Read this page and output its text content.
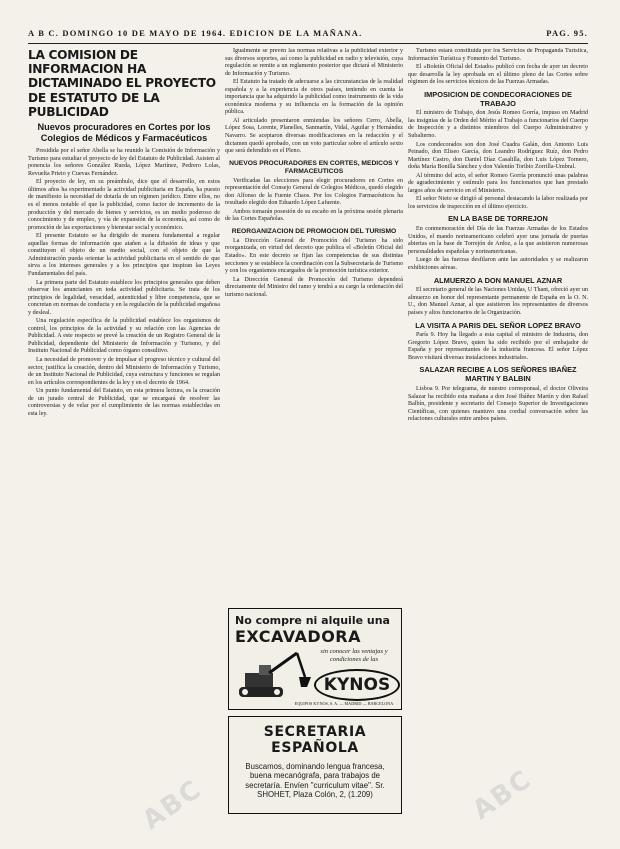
A B C. DOMINGO 10 DE MAYO DE 1964. EDICION DE LA MAÑANA.	PAG. 95.
LA COMISION DE INFORMACION HA DICTAMINADO EL PROYECTO DE ESTATUTO DE LA PUBLICIDAD
Nuevos procuradores en Cortes por los Colegios de Médicos y Farmacéuticos

Presidida por el señor Abella se ha reunido la Comisión de Información y Turismo para estudiar el proyecto de ley del Estatuto de Publicidad. Asisten al ponencia los señores González Rueda, López Martínez, Pedrero Lolas, Revuelta Prieto y Cuevas Fernández.

El proyecto de ley, en su preámbulo, dice que el desarrollo, en estos últimos años ha experimentado la actividad publicitaria en España, ha puesto de manifiesto la necesidad de dotarla de un régimen jurídico. Entre ellos, no es el menos notable el que la publicidad, como factor de incremento de la producción y del mercado de bienes y servicios, es un medio poderoso de conocimiento y de empleo, y vía de expansión de la economía, así como de promoción de las exportaciones y bienestar social y económico.

El presente Estatuto se ha dirigido de manera fundamental a regular aquellas formas de información que atañen a la difusión de ideas y que constituyen el objeto de un medio social, con el objeto de que la Administración pueda orientar la actividad publicitaria en el sentido de que sirva a los intereses generales y a los principios que inspiran las Leyes Fundamentales del país.

La primera parte del Estatuto establece los principios generales que deben observar los anunciantes en toda actividad publicitaria. Se trata de los principios de legalidad, veracidad, autenticidad y libre competencia, que se concretan en normas de conducta y en la regulación de la publicidad engañosa y desleal.

Una regulación específica de la publicidad establece los organismos de control, los principios de la actividad y su relación con las Agencias de Publicidad. A este respecto se prevé la creación de un Registro General de la Publicidad, dependiente del Ministerio de Información y Turismo, y del Instituto Nacional de Publicidad como órgano consultivo.

La necesidad de promover y de impulsar el progreso técnico y cultural del sector, justifica la creación, dentro del Ministerio de Información y Turismo, de un Instituto Nacional de Publicidad, cuya estructura y funciones se regulan en los artículos correspondientes de la ley y en el decreto de 1964.

Un punto fundamental del Estatuto, en esta primera lectura, es la creación de un jurado central de Publicidad, que se encargará de resolver las controversias y de velar por el cumplimiento de las normas establecidas en esta ley.

Igualmente se prevén las normas relativas a la publicidad exterior y sus diversos soportes, así como la publicidad en radio y televisión, cuya regulación se remite a un reglamento posterior que dictará el Ministerio de Información y Turismo.

El Estatuto ha tratado de adecuarse a las circunstancias de la realidad española y a la experiencia de otros países, teniendo en cuenta la importancia que ha adquirido la publicidad como instrumento de la vida económica moderna y su influencia en la formación de la opinión pública.

Al articulado presentaron enmiendas los señores Cerro, Abella, López Sosa, Lorente, Planelles, Sanmartín, Vidal, Aguilar y Hernández Navarro. Se aceptaron diversas modificaciones en la redacción y el dictamen quedó aprobado, con un voto particular sobre el artículo sexto que será defendido en el Pleno.

NUEVOS PROCURADORES EN CORTES, MEDICOS Y FARMACEUTICOS

Verificadas las elecciones para elegir procuradores en Cortes en representación del Consejo General de Colegios Médicos, quedó elegido don Alfonso de la Fuente Chaos. Por los Colegios Farmacéuticos ha resultado elegido don Eduardo López Lafuente.

Ambos tomarán posesión de su escaño en la próxima sesión plenaria de las Cortes Españolas.

REORGANIZACION DE PROMOCION DEL TURISMO

La Dirección General de Promoción del Turismo ha sido reorganizada, en virtud del decreto que publica el «Boletín Oficial del Estado». En este decreto se fijan las competencias de sus distintas secciones y se establece la coordinación con la Subsecretaría de Turismo y con los organismos encargados de la promoción turística exterior.

La Dirección General de Promoción del Turismo dependerá directamente del Ministro del ramo y tendrá a su cargo la ordenación del turismo nacional.

No compre ni alquile una
EXCAVADORA
sin conocer las ventajas y condiciones de las
KYNOS
EQUIPOS KYNOS, S. A. — MADRID — BARCELONA
SECRETARIA ESPAÑOLA
Buscamos, dominando lengua francesa, buena mecanógrafa, para trabajos de secretaría. Envíen "curriculum vitae". Sr. SHOHET, Plaza Colón, 2, (1.209)

Turismo estará constituida por los Servicios de Propaganda Turística, Información Turística y Fomento del Turismo.

El «Boletín Oficial del Estado» publicó con fecha de ayer un decreto que desarrolla la ley aprobada en el último pleno de las Cortes sobre régimen de los servicios técnicos de las Fuerzas Armadas.

IMPOSICION DE CONDECORACIONES DE TRABAJO

El ministro de Trabajo, don Jesús Romeo Gorría, impuso en Madrid las insignias de la Orden del Mérito al Trabajo a funcionarios del Cuerpo de Inspección y a distintos miembros del Cuerpo Administrativo y Subalterno.

Los condecorados son don José Cuadra Galán, don Antonio Luis Peinado, don Eliseo García, don Leandro Rodríguez Ruíz, don Pedro Martínez Castro, don Daniel Díaz Casalilla, don Luis López Tornero, doña María Bonilla Sánchez y don Valentín Toribio Zorrilla-Umbral.

Al término del acto, el señor Romeo Gorría pronunció unas palabras de agradecimiento y estímulo para los funcionarios que han prestado largos años de servicio en el Ministerio.

El señor Nieto se dirigió al personal destacando la labor realizada por los servicios de inspección en el último ejercicio.

EN LA BASE DE TORREJON

En conmemoración del Día de las Fuerzas Armadas de los Estados Unidos, el mando norteamericano celebró ayer una jornada de puertas abiertas en la base de Torrejón de Ardoz, a la que asistieron numerosas personalidades españolas y norteamericanas.

Luego de las fuerzas desfilaron ante las autoridades y se realizaron exhibiciones aéreas.

ALMUERZO A DON MANUEL AZNAR

El secretario general de las Naciones Unidas, U Thant, ofreció ayer un almuerzo en honor del representante permanente de España en la O. N. U., don Manuel Aznar, al que asistieron los representantes de diversos países y altos funcionarios de la Organización.

LA VISITA A PARIS DEL SEÑOR LOPEZ BRAVO

París 9. Hoy ha llegado a esta capital el ministro de Industria, don Gregorio López Bravo, quien ha sido recibido por el embajador de España y por representantes de la industria francesa. El señor López Bravo visitará diversas instalaciones industriales.

SALAZAR RECIBE A LOS SEÑORES IBAÑEZ MARTIN Y BALBIN

Lisboa 9. Por telegrama, de nuestro corresponsal, el doctor Oliveira Salazar ha recibido esta mañana a don José Ibáñez Martín y don Rafael Balbín, presidente y secretario del Consejo Superior de Investigaciones Científicas, con quienes mantuvo una cordial conversación sobre las relaciones culturales entre ambos países.

ABC	ABC
